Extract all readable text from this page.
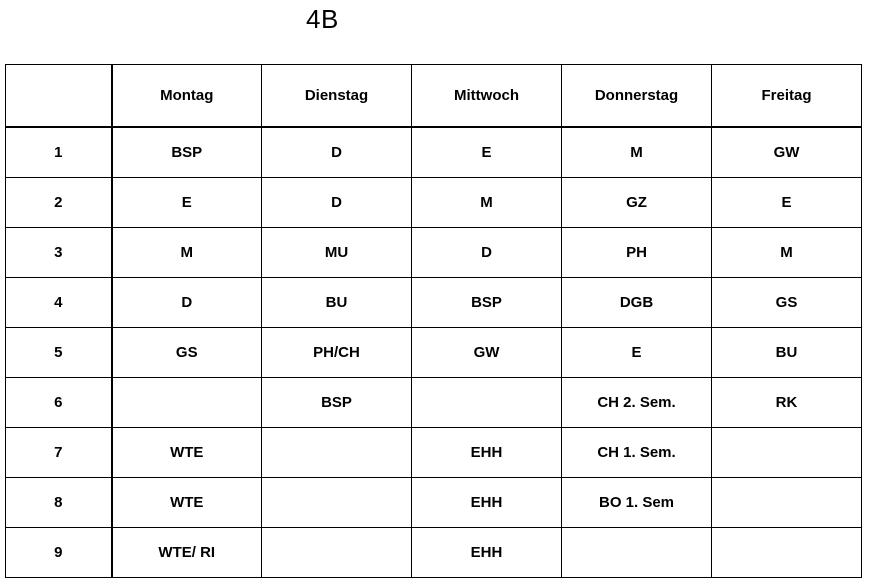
4B
	Montag	Dienstag	Mittwoch	Donnerstag	Freitag
1	BSP	D	E	M	GW
2	E	D	M	GZ	E
3	M	MU	D	PH	M
4	D	BU	BSP	DGB	GS
5	GS	PH/CH	GW	E	BU
6		BSP		CH 2. Sem.	RK
7	WTE		EHH	CH 1. Sem.	
8	WTE		EHH	BO 1. Sem	
9	WTE/ RI		EHH		
